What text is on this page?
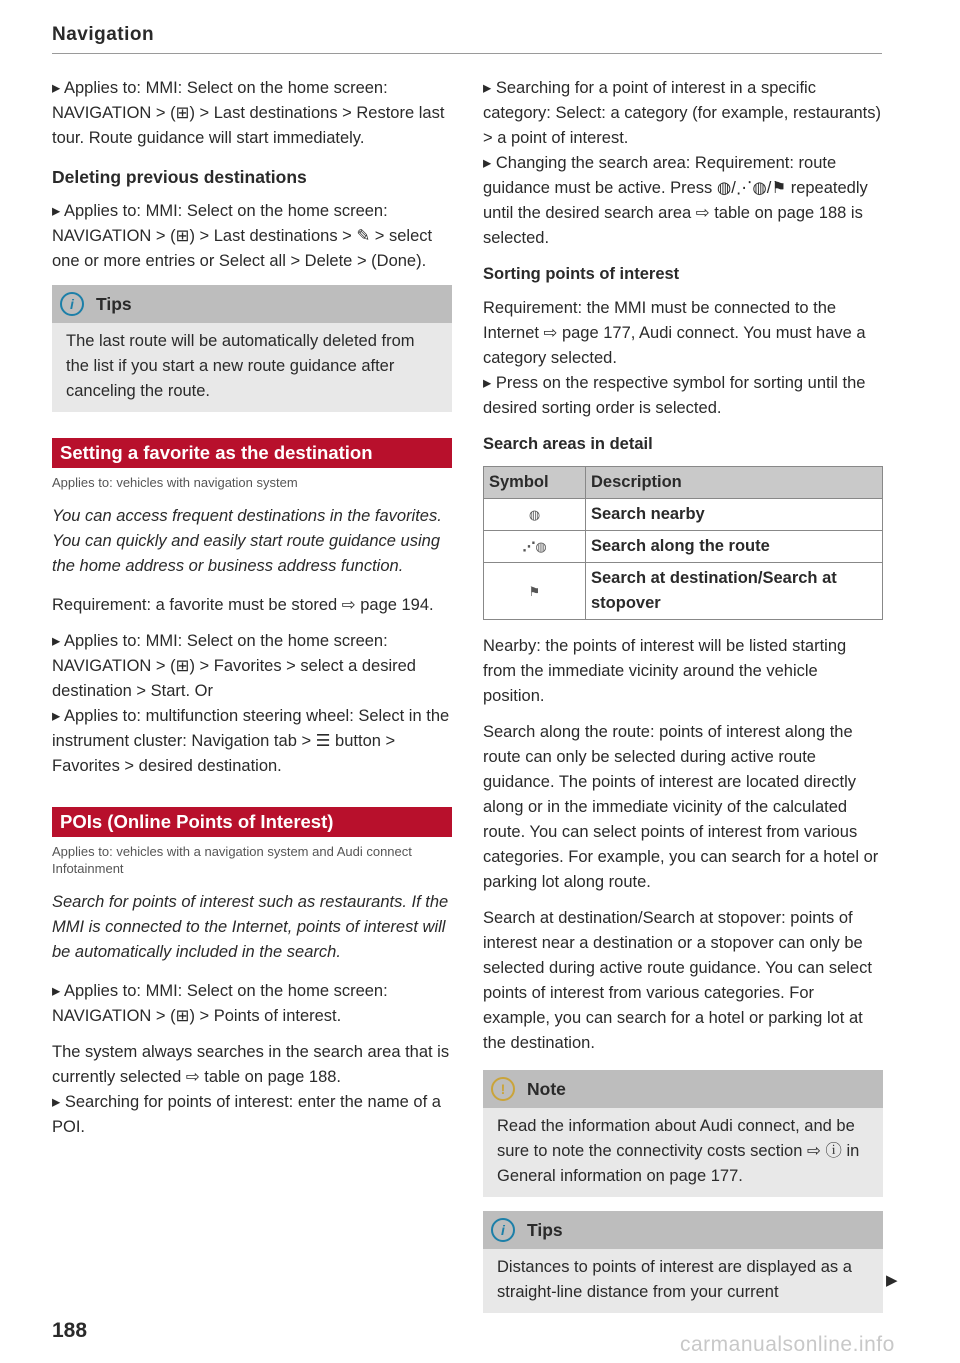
Navigation

▸ Applies to: MMI: Select on the home screen: NAVIGATION > (⊞) > Last destinations > Restore last tour. Route guidance will start immediately.

Deleting previous destinations

▸ Applies to: MMI: Select on the home screen: NAVIGATION > (⊞) > Last destinations > ✎ > select one or more entries or Select all > Delete > (Done).

i	Tips
The last route will be automatically deleted from the list if you start a new route guidance after canceling the route.
Setting a favorite as the destination
Applies to: vehicles with navigation system

You can access frequent destinations in the favorites. You can quickly and easily start route guidance using the home address or business address function.

Requirement: a favorite must be stored ⇨ page 194.

▸ Applies to: MMI: Select on the home screen: NAVIGATION > (⊞) > Favorites > select a desired destination > Start. Or

▸ Applies to: multifunction steering wheel: Select in the instrument cluster: Navigation tab > ☰ button > Favorites > desired destination.

POIs (Online Points of Interest)
Applies to: vehicles with a navigation system and Audi connect Infotainment

Search for points of interest such as restaurants. If the MMI is connected to the Internet, points of interest will be automatically included in the search.

▸ Applies to: MMI: Select on the home screen: NAVIGATION > (⊞) > Points of interest.

The system always searches in the search area that is currently selected ⇨ table on page 188.

▸ Searching for points of interest: enter the name of a POI.

▸ Searching for a point of interest in a specific category: Select: a category (for example, restaurants) > a point of interest.

▸ Changing the search area: Requirement: route guidance must be active. Press ◍/⋰◍/⚑ repeatedly until the desired search area ⇨ table on page 188 is selected.

Sorting points of interest

Requirement: the MMI must be connected to the Internet ⇨ page 177, Audi connect. You must have a category selected.

▸ Press on the respective symbol for sorting until the desired sorting order is selected.

Search areas in detail
Symbol	Description
◍	Search nearby
⋰◍	Search along the route
⚑	Search at destination/Search at stopover

Nearby: the points of interest will be listed starting from the immediate vicinity around the vehicle position.

Search along the route: points of interest along the route can only be selected during active route guidance. The points of interest are located directly along or in the immediate vicinity of the calculated route. You can select points of interest from various categories. For example, you can search for a hotel or parking lot along route.

Search at destination/Search at stopover: points of interest near a destination or a stopover can only be selected during active route guidance. You can select points of interest from various categories. For example, you can search for a hotel or parking lot at the destination.

!	Note
Read the information about Audi connect, and be sure to note the connectivity costs section ⇨ ⓘ in General information on page 177.
i	Tips
Distances to points of interest are displayed as a straight-line distance from your current
▶
188
carmanualsonline.info
